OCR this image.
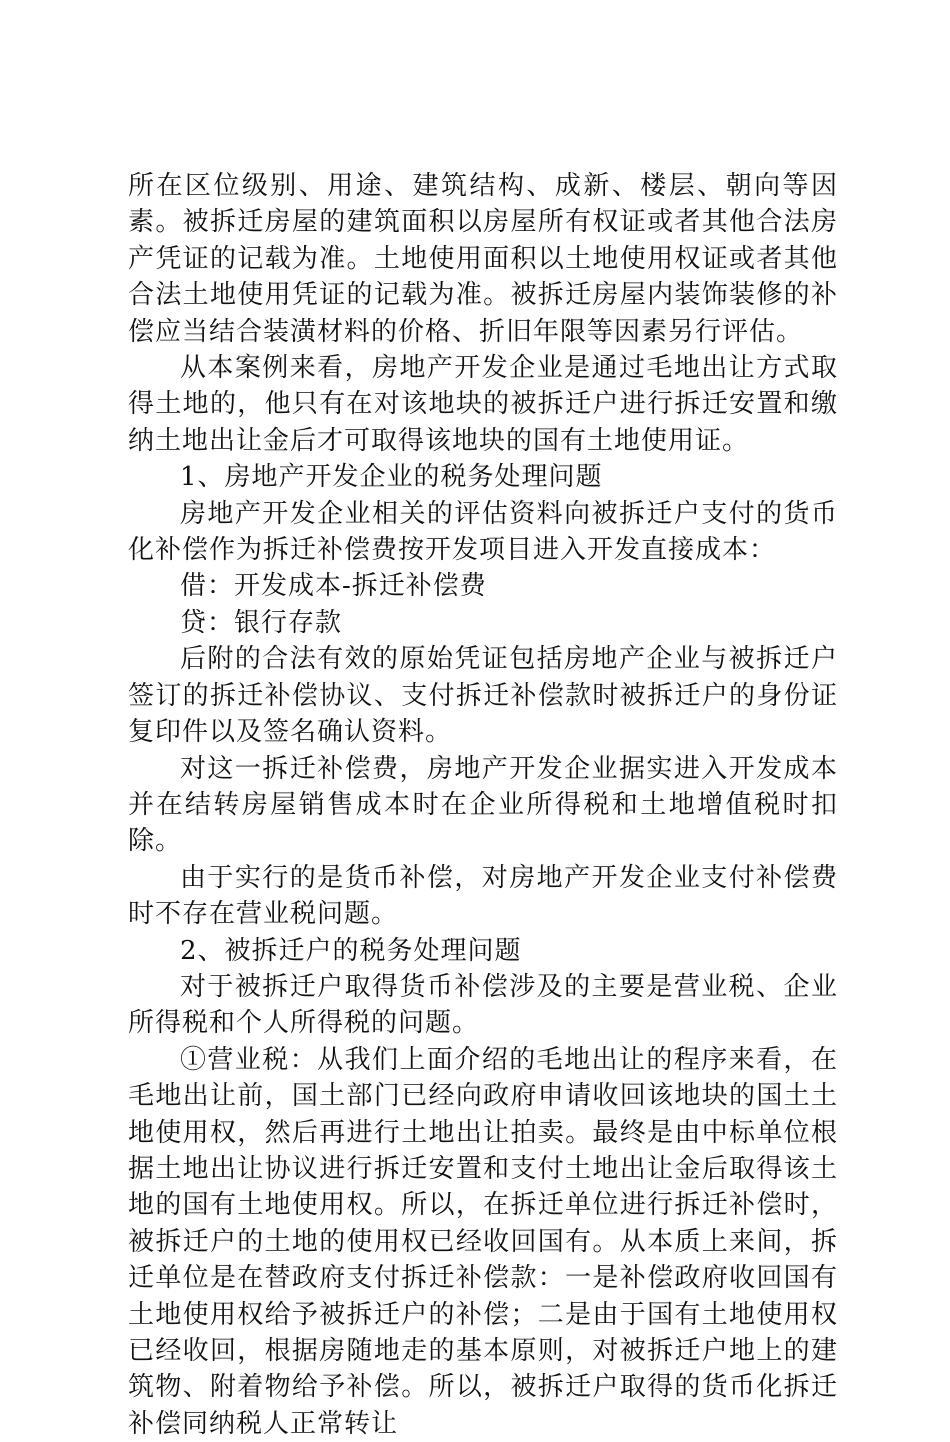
所在区位级别、用途、建筑结构、成新、楼层、朝向等因素。被拆迁房屋的建筑面积以房屋所有权证或者其他合法房产凭证的记载为准。土地使用面积以土地使用权证或者其他合法土地使用凭证的记载为准。被拆迁房屋内装饰装修的补偿应当结合装潢材料的价格、折旧年限等因素另行评估。

从本案例来看，房地产开发企业是通过毛地出让方式取得土地的，他只有在对该地块的被拆迁户进行拆迁安置和缴纳土地出让金后才可取得该地块的国有土地使用证。

1、房地产开发企业的税务处理问题

房地产开发企业相关的评估资料向被拆迁户支付的货币化补偿作为拆迁补偿费按开发项目进入开发直接成本：

借：开发成本-拆迁补偿费

贷：银行存款

后附的合法有效的原始凭证包括房地产企业与被拆迁户签订的拆迁补偿协议、支付拆迁补偿款时被拆迁户的身份证复印件以及签名确认资料。

对这一拆迁补偿费，房地产开发企业据实进入开发成本并在结转房屋销售成本时在企业所得税和土地增值税时扣除。

由于实行的是货币补偿，对房地产开发企业支付补偿费时不存在营业税问题。

2、被拆迁户的税务处理问题

对于被拆迁户取得货币补偿涉及的主要是营业税、企业所得税和个人所得税的问题。

①营业税：从我们上面介绍的毛地出让的程序来看，在毛地出让前，国土部门已经向政府申请收回该地块的国土土地使用权，然后再进行土地出让拍卖。最终是由中标单位根据土地出让协议进行拆迁安置和支付土地出让金后取得该土地的国有土地使用权。所以，在拆迁单位进行拆迁补偿时，被拆迁户的土地的使用权已经收回国有。从本质上来间，拆迁单位是在替政府支付拆迁补偿款：一是补偿政府收回国有土地使用权给予被拆迁户的补偿；二是由于国有土地使用权已经收回，根据房随地走的基本原则，对被拆迁户地上的建筑物、附着物给予补偿。所以，被拆迁户取得的货币化拆迁补偿同纳税人正常转让
